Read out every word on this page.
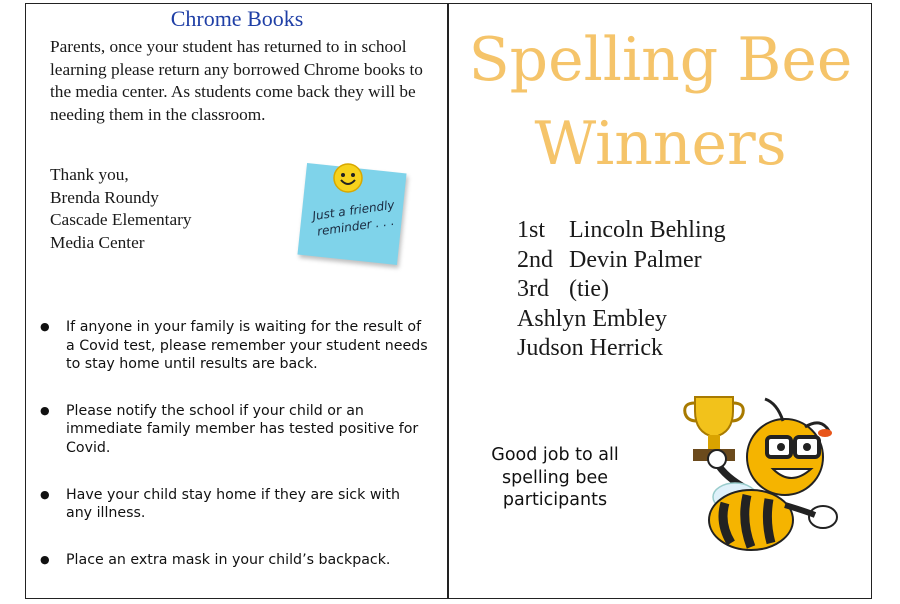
Chrome Books

Parents, once your student has returned to in school learning please return any borrowed Chrome books to the media center. As students come back they will be needing them in the classroom.

Thank you,
Brenda Roundy
Cascade Elementary
Media Center
Just a friendly reminder . . .
● If anyone in your family is waiting for the result of a Covid test, please remember your student needs to stay home until results are back.
● Please notify the school if your child or an immediate family member has tested positive for Covid.
● Have your child stay home if they are sick with any illness.
● Place an extra mask in your child’s backpack.
Spelling Bee
Winners
1st Lincoln Behling
2nd Devin Palmer
3rd (tie)
Ashlyn Embley
Judson Herrick
Good job to all spelling bee participants
